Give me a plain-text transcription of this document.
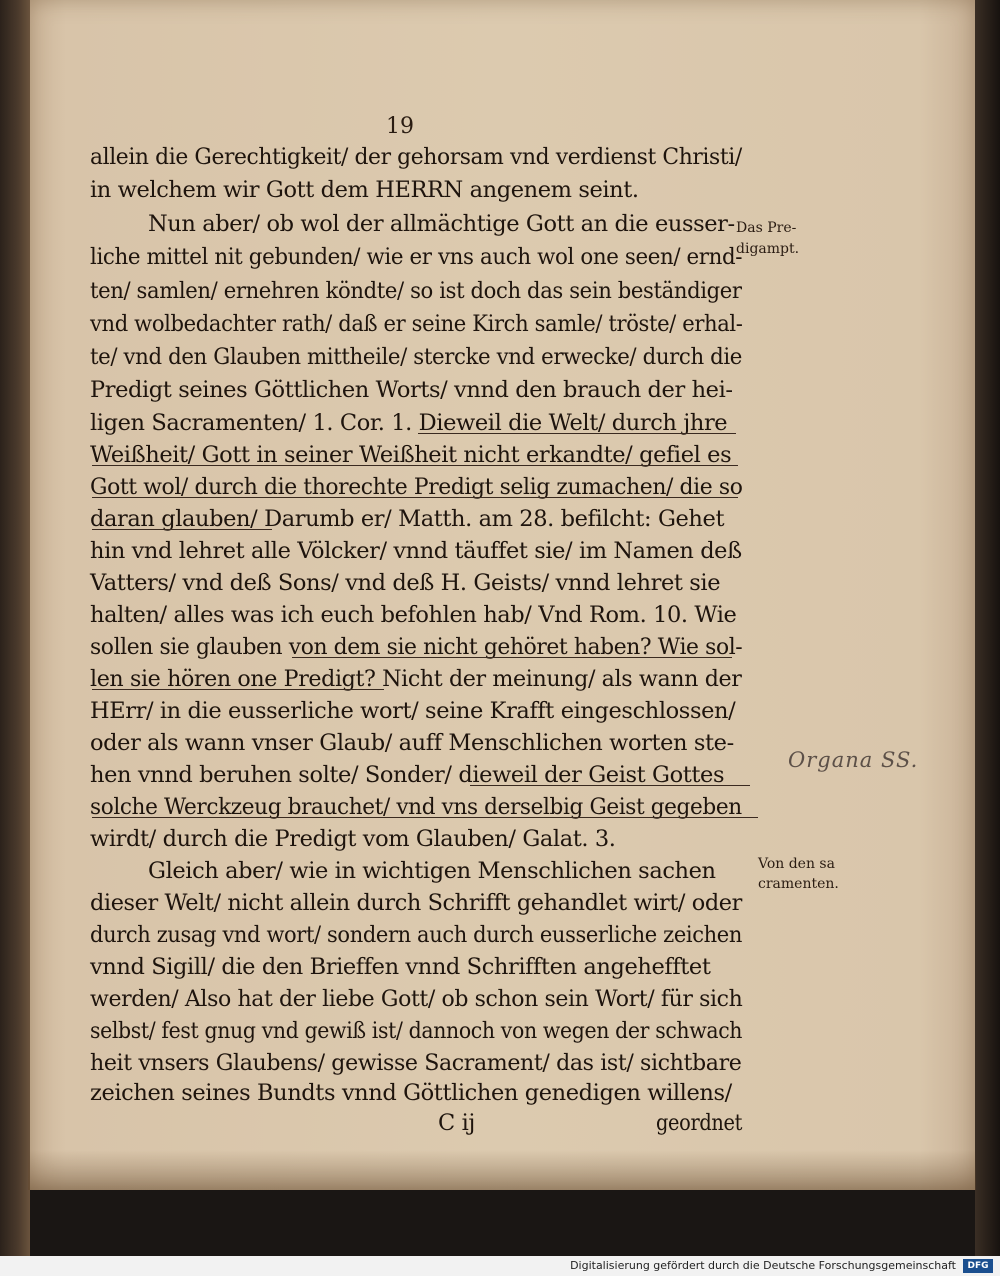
19
allein die Gerechtigkeit/ der gehorsam vnd verdienst Christi/
in welchem wir Gott dem HERRN angenem seint.
Nun aber/ ob wol der allmächtige Gott an die eusser-
liche mittel nit gebunden/ wie er vns auch wol one seen/ ernd-
ten/ samlen/ ernehren köndte/ so ist doch das sein beständiger
vnd wolbedachter rath/ daß er seine Kirch samle/ tröste/ erhal-
te/ vnd den Glauben mittheile/ stercke vnd erwecke/ durch die
Predigt seines Göttlichen Worts/ vnnd den brauch der hei-
ligen Sacramenten/ 1. Cor. 1. Dieweil die Welt/ durch jhre
Weißheit/ Gott in seiner Weißheit nicht erkandte/ gefiel es
Gott wol/ durch die thorechte Predigt selig zumachen/ die so
daran glauben/ Darumb er/ Matth. am 28. befilcht: Gehet
hin vnd lehret alle Völcker/ vnnd täuffet sie/ im Namen deß
Vatters/ vnd deß Sons/ vnd deß H. Geists/ vnnd lehret sie
halten/ alles was ich euch befohlen hab/ Vnd Rom. 10. Wie
sollen sie glauben von dem sie nicht gehöret haben? Wie sol-
len sie hören one Predigt? Nicht der meinung/ als wann der
HErr/ in die eusserliche wort/ seine Krafft eingeschlossen/
oder als wann vnser Glaub/ auff Menschlichen worten ste-
hen vnnd beruhen solte/ Sonder/ dieweil der Geist Gottes
solche Werckzeug brauchet/ vnd vns derselbig Geist gegeben
wirdt/ durch die Predigt vom Glauben/ Galat. 3.
Gleich aber/ wie in wichtigen Menschlichen sachen
dieser Welt/ nicht allein durch Schrifft gehandlet wirt/ oder
durch zusag vnd wort/ sondern auch durch eusserliche zeichen
vnnd Sigill/ die den Brieffen vnnd Schrifften angehefftet
werden/ Also hat der liebe Gott/ ob schon sein Wort/ für sich
selbst/ fest gnug vnd gewiß ist/ dannoch von wegen der schwach
heit vnsers Glaubens/ gewisse Sacrament/ das ist/ sichtbare
zeichen seines Bundts vnnd Göttlichen genedigen willens/
C ij	geordnet
Das Pre-
digampt.
Von den sa
cramenten.
Organa SS.
Digitalisierung gefördert durch die Deutsche Forschungsgemeinschaft	DFG
